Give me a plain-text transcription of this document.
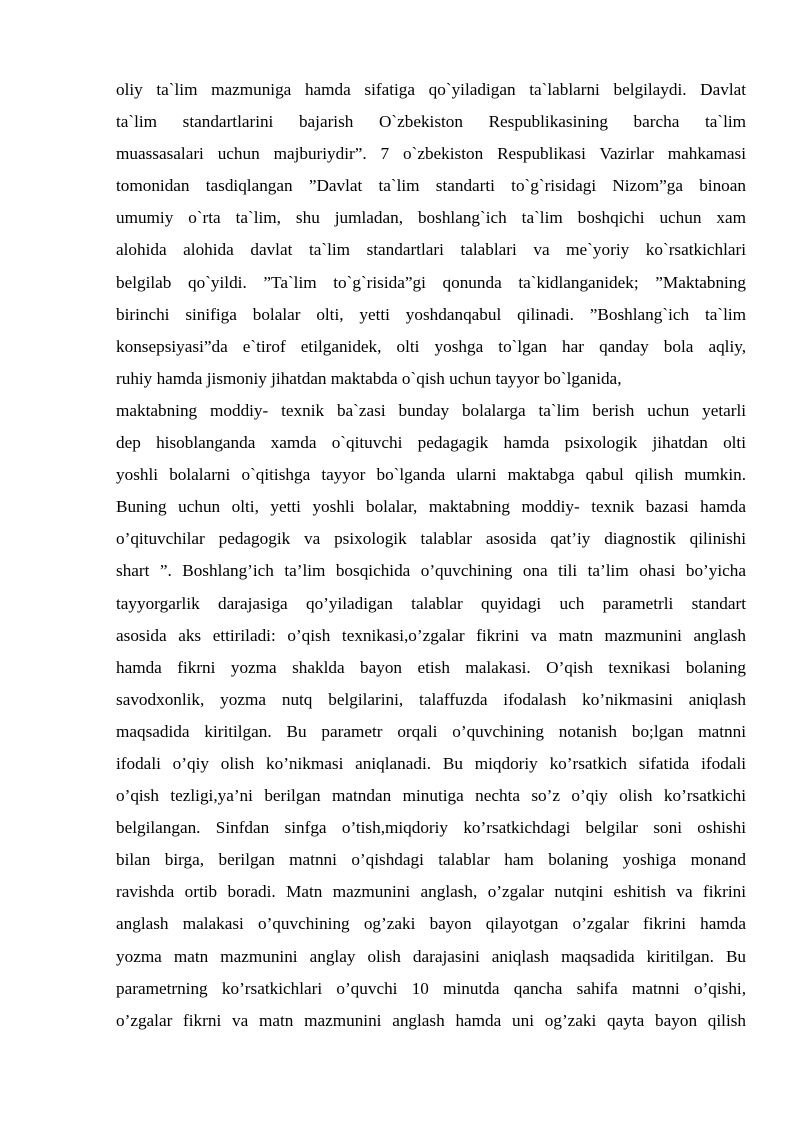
oliy ta`lim mazmuniga hamda sifatiga qo`yiladigan ta`lablarni belgilaydi. Davlat
ta`lim standartlarini bajarish O`zbekiston Respublikasining barcha ta`lim
muassasalari uchun majburiydir”. 7 o`zbekiston Respublikasi Vazirlar mahkamasi
tomonidan tasdiqlangan ”Davlat ta`lim standarti to`g`risidagi Nizom”ga binoan
umumiy o`rta ta`lim, shu jumladan, boshlang`ich ta`lim boshqichi uchun xam
alohida alohida davlat ta`lim standartlari talablari va me`yoriy ko`rsatkichlari
belgilab qo`yildi. ”Ta`lim to`g`risida”gi qonunda ta`kidlanganidek; ”Maktabning
birinchi sinifiga bolalar olti, yetti yoshdanqabul qilinadi. ”Boshlang`ich ta`lim
konsepsiyasi”da e`tirof etilganidek, olti yoshga to`lgan har qanday bola aqliy,
ruhiy hamda jismoniy jihatdan maktabda o`qish uchun tayyor bo`lganida,
maktabning moddiy- texnik ba`zasi bunday bolalarga ta`lim berish uchun yetarli
dep hisoblanganda xamda o`qituvchi pedagagik hamda psixologik jihatdan olti
yoshli bolalarni o`qitishga tayyor bo`lganda ularni maktabga qabul qilish mumkin.
Buning uchun olti, yetti yoshli bolalar, maktabning moddiy- texnik bazasi hamda
o’qituvchilar pedagogik va psixologik talablar asosida qat’iy diagnostik qilinishi
shart ”. Boshlang’ich ta’lim bosqichida o’quvchining ona tili ta’lim ohasi bo’yicha
tayyorgarlik darajasiga qo’yiladigan talablar quyidagi uch parametrli standart
asosida aks ettiriladi: o’qish texnikasi,o’zgalar fikrini va matn mazmunini anglash
hamda fikrni yozma shaklda bayon etish malakasi. O’qish texnikasi bolaning
savodxonlik, yozma nutq belgilarini, talaffuzda ifodalash ko’nikmasini aniqlash
maqsadida kiritilgan. Bu parametr orqali o’quvchining notanish bo;lgan matnni
ifodali o’qiy olish ko’nikmasi aniqlanadi. Bu miqdoriy ko’rsatkich sifatida ifodali
o’qish tezligi,ya’ni berilgan matndan minutiga nechta so’z o’qiy olish ko’rsatkichi
belgilangan. Sinfdan sinfga o’tish,miqdoriy ko’rsatkichdagi belgilar soni oshishi
bilan birga, berilgan matnni o’qishdagi talablar ham bolaning yoshiga monand
ravishda ortib boradi. Matn mazmunini anglash, o’zgalar nutqini eshitish va fikrini
anglash malakasi o’quvchining og’zaki bayon qilayotgan o’zgalar fikrini hamda
yozma matn mazmunini anglay olish darajasini aniqlash maqsadida kiritilgan. Bu
parametrning ko’rsatkichlari o’quvchi 10 minutda qancha sahifa matnni o’qishi,
o’zgalar fikrni va matn mazmunini anglash hamda uni og’zaki qayta bayon qilish
